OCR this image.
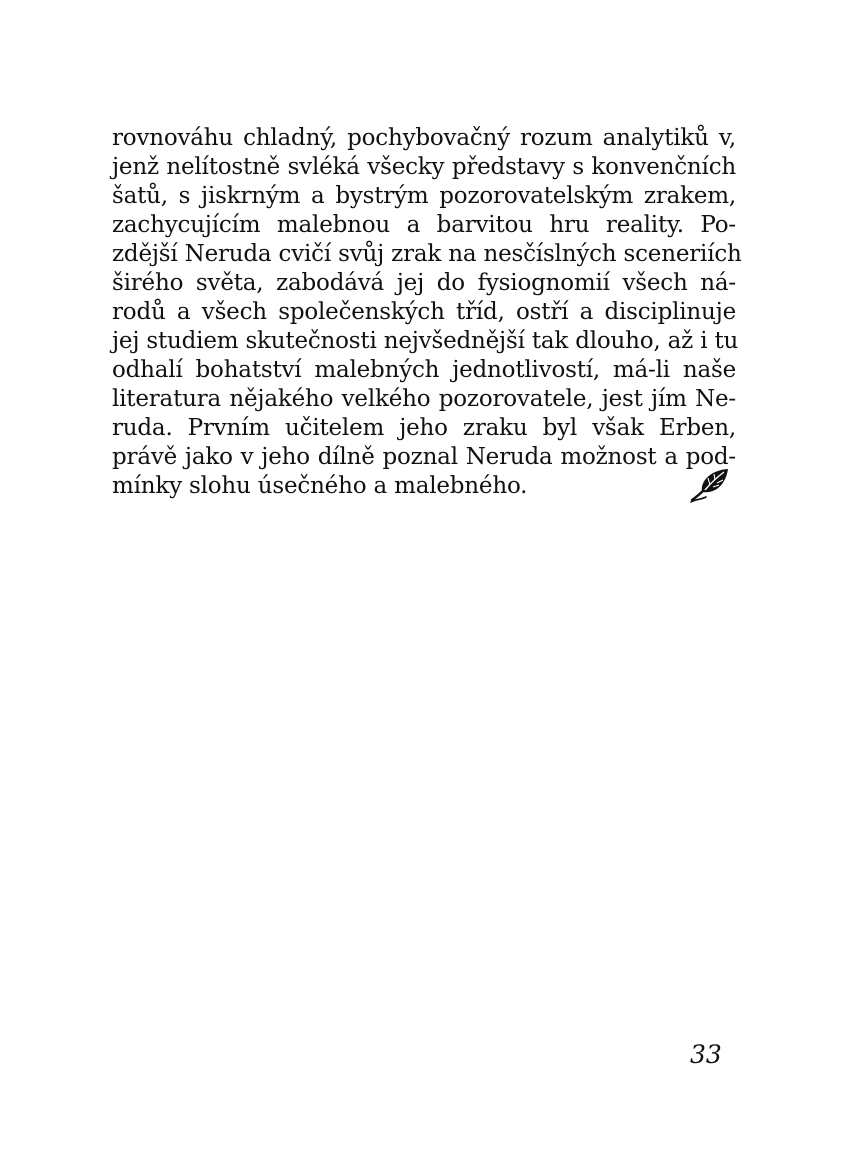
rovnováhu chladný, pochybovačný rozum analytiků v,
jenž nelítostně svléká všecky představy s konvenčních
šatů, s jiskrným a bystrým pozorovatelským zrakem,
zachycujícím malebnou a barvitou hru reality. Po-
zdější Neruda cvičí svůj zrak na nesčíslných sceneriích
širého světa, zabodává jej do fysiognomií všech ná-
rodů a všech společenských tříd, ostří a disciplinuje
jej studiem skutečnosti nejvšednější tak dlouho, až i tu
odhalí bohatství malebných jednotlivostí, má-li naše
literatura nějakého velkého pozorovatele, jest jím Ne-
ruda. Prvním učitelem jeho zraku byl však Erben,
právě jako v jeho dílně poznal Neruda možnost a pod-
mínky slohu úsečného a malebného.
33
